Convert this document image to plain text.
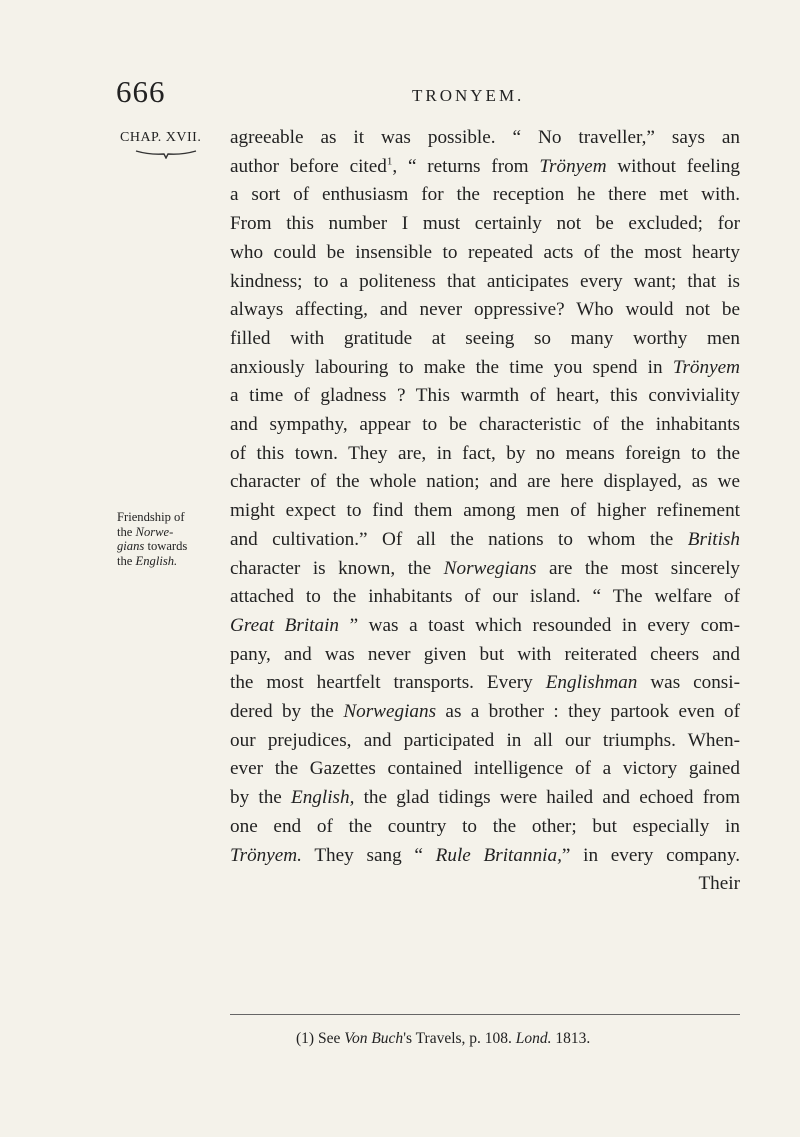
666	TRONYEM.
CHAP. XVII.
Friendship of
the Norwe-
gians towards
the English.
agreeable as it was possible. “ No traveller,” says an
author before cited$^1$, “ returns from Trönyem without feeling
a sort of enthusiasm for the reception he there met with.
From this number I must certainly not be excluded; for
who could be insensible to repeated acts of the most hearty
kindness; to a politeness that anticipates every want; that is
always affecting, and never oppressive? Who would not be
filled with gratitude at seeing so many worthy men
anxiously labouring to make the time you spend in Trönyem
a time of gladness ? This warmth of heart, this conviviality
and sympathy, appear to be characteristic of the inhabitants
of this town. They are, in fact, by no means foreign to the
character of the whole nation; and are here displayed, as we
might expect to find them among men of higher refinement
and cultivation.” Of all the nations to whom the British
character is known, the Norwegians are the most sincerely
attached to the inhabitants of our island. “ The welfare of
Great Britain ” was a toast which resounded in every com-
pany, and was never given but with reiterated cheers and
the most heartfelt transports. Every Englishman was consi-
dered by the Norwegians as a brother : they partook even of
our prejudices, and participated in all our triumphs. When-
ever the Gazettes contained intelligence of a victory gained
by the English, the glad tidings were hailed and echoed from
one end of the country to the other; but especially in
Trönyem. They sang “ Rule Britannia,” in every company.
Their
(1) See Von Buch's Travels, p. 108. Lond. 1813.
